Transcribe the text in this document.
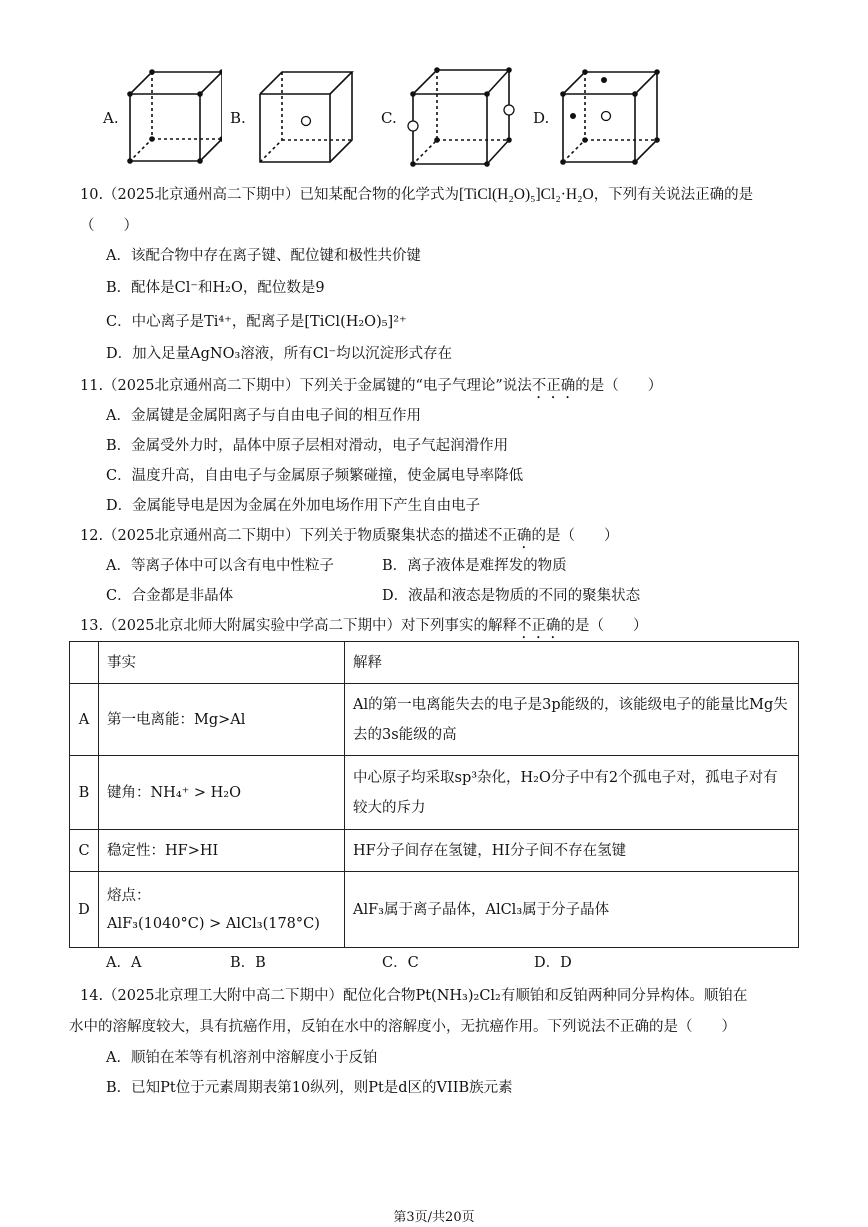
A.	B.	C.	D.
10.（2025北京通州高二下期中）已知某配合物的化学式为[TiCl(H₂O)₅]Cl₂·H₂O，下列有关说法正确的是
（　　）
A．该配合物中存在离子键、配位键和极性共价键
B．配体是Cl⁻和H₂O，配位数是9
C．中心离子是Ti⁴⁺，配离子是[TiCl(H₂O)₅]²⁺
D．加入足量AgNO₃溶液，所有Cl⁻均以沉淀形式存在
11.（2025北京通州高二下期中）下列关于金属键的“电子气理论”说法不正确的是（　　）
A．金属键是金属阳离子与自由电子间的相互作用
B．金属受外力时，晶体中原子层相对滑动，电子气起润滑作用
C．温度升高，自由电子与金属原子频繁碰撞，使金属电导率降低
D．金属能导电是因为金属在外加电场作用下产生自由电子
12.（2025北京通州高二下期中）下列关于物质聚集状态的描述不正确的是（　　）
A．等离子体中可以含有电中性粒子	B．离子液体是难挥发的物质
C．合金都是非晶体	D．液晶和液态是物质的不同的聚集状态
13.（2025北京北师大附属实验中学高二下期中）对下列事实的解释不正确的是（　　）
	事实	解释
A	第一电离能：Mg>Al	Al的第一电离能失去的电子是3p能级的，该能级电子的能量比Mg失去的3s能级的高
B	键角：NH₄⁺ > H₂O	中心原子均采取sp³杂化，H₂O分子中有2个孤电子对，孤电子对有较大的斥力
C	稳定性：HF>HI	HF分子间存在氢键，HI分子间不存在氢键
D	熔点：
AlF₃(1040°C) > AlCl₃(178°C)	AlF₃属于离子晶体，AlCl₃属于分子晶体
A．A	B．B	C．C	D．D
14.（2025北京理工大附中高二下期中）配位化合物Pt(NH₃)₂Cl₂有顺铂和反铂两种同分异构体。顺铂在
水中的溶解度较大，具有抗癌作用，反铂在水中的溶解度小，无抗癌作用。下列说法不正确的是（　　）
A．顺铂在苯等有机溶剂中溶解度小于反铂
B．已知Pt位于元素周期表第10纵列，则Pt是d区的VIIB族元素
第3页/共20页
